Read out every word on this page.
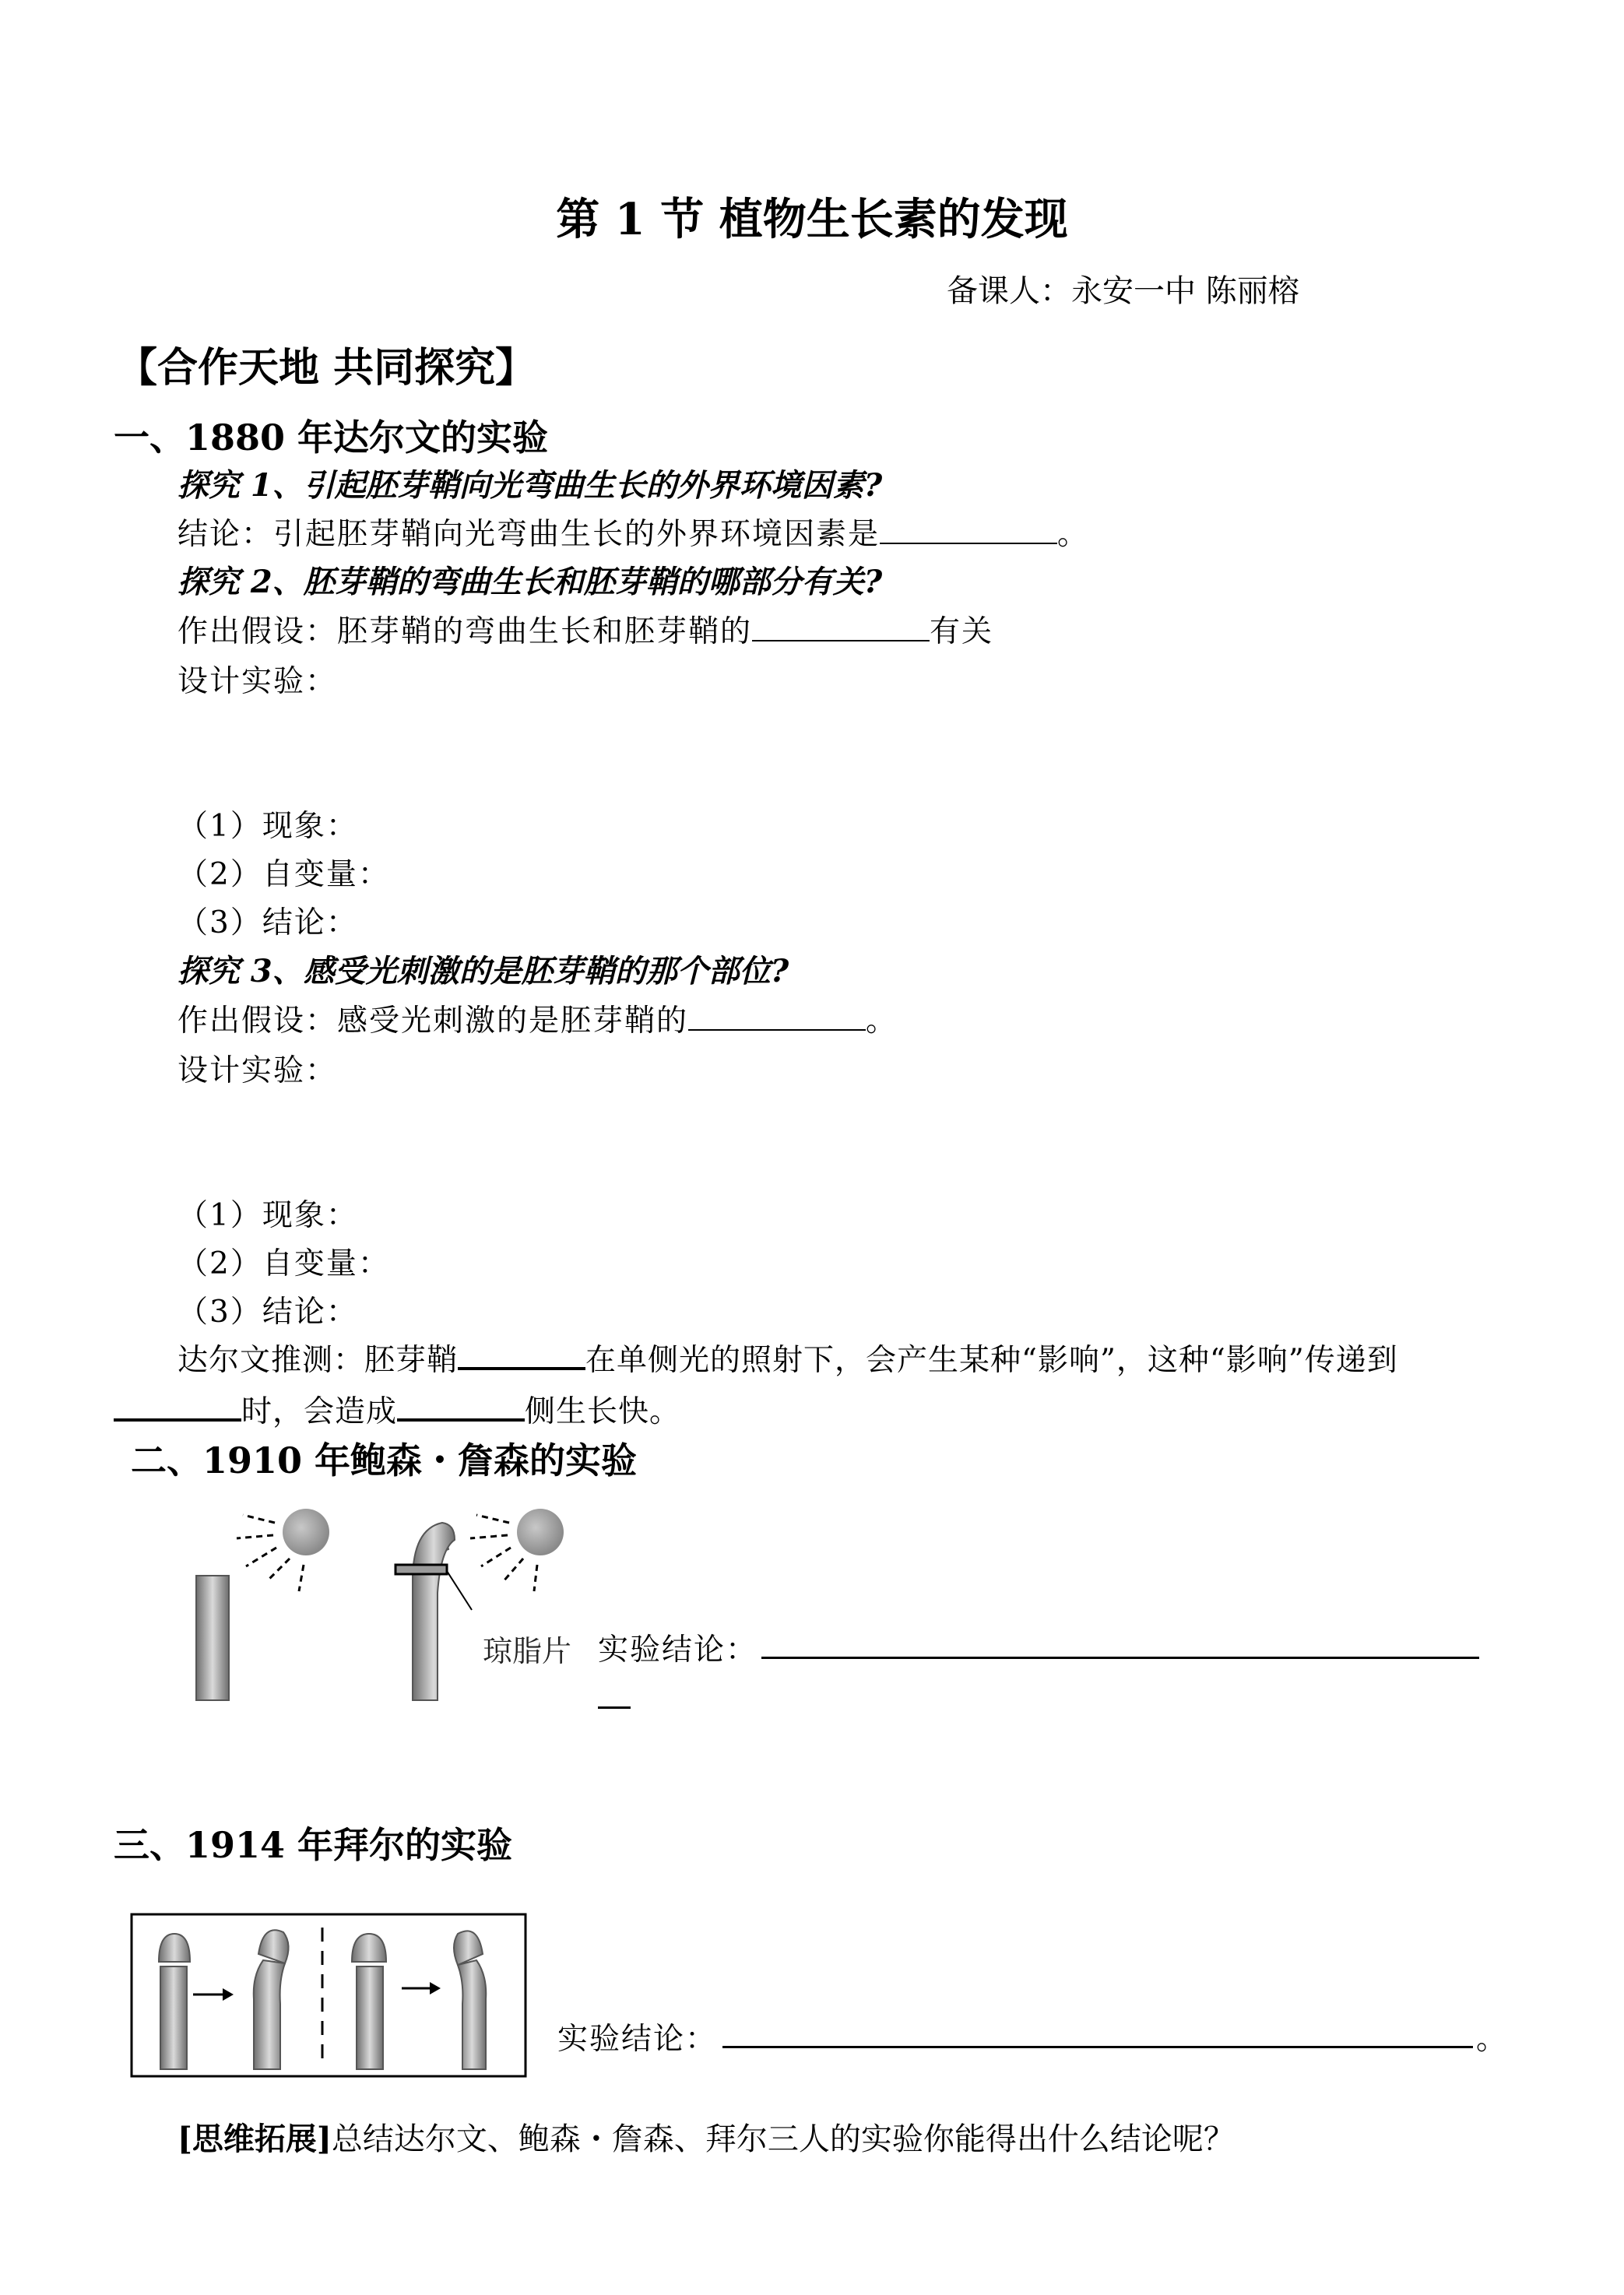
第 1 节 植物生长素的发现
备课人：永安一中 陈丽榕
【合作天地 共同探究】
一、1880 年达尔文的实验
探究 1、引起胚芽鞘向光弯曲生长的外界环境因素?
结论：引起胚芽鞘向光弯曲生长的外界环境因素是	。
探究 2、胚芽鞘的弯曲生长和胚芽鞘的哪部分有关?
作出假设：胚芽鞘的弯曲生长和胚芽鞘的	有关
设计实验：
（1）现象：
（2）自变量：
（3）结论：
探究 3、感受光刺激的是胚芽鞘的那个部位?
作出假设：感受光刺激的是胚芽鞘的	。
设计实验：
（1）现象：
（2）自变量：
（3）结论：
达尔文推测：胚芽鞘	在单侧光的照射下，会产生某种“影响”，这种“影响”传递到
时，会造成	侧生长快。
二、1910 年鲍森・詹森的实验
琼脂片 实验结论：
三、1914 年拜尔的实验
实验结论：	。
[思维拓展]总结达尔文、鲍森・詹森、拜尔三人的实验你能得出什么结论呢？
